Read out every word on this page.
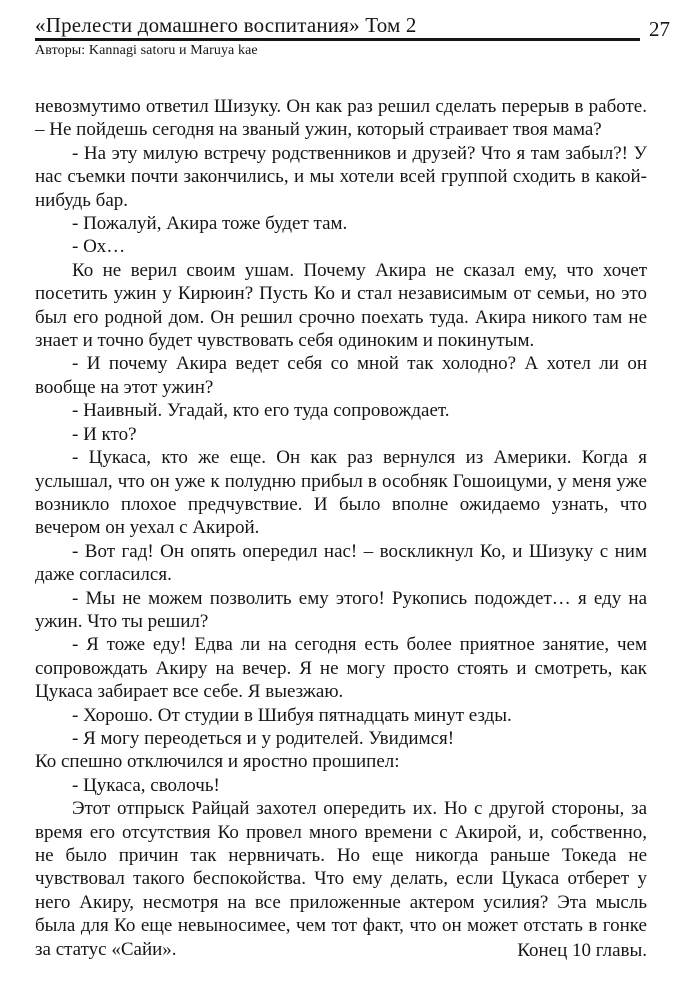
«Прелести домашнего воспитания» Том 2	27
Авторы: Kannagi satoru и Maruya kae

невозмутимо ответил Шизуку. Он как раз решил сделать перерыв в работе. – Не пойдешь сегодня на званый ужин, который страивает твоя мама?

- На эту милую встречу родственников и друзей? Что я там забыл?! У нас съемки почти закончились, и мы хотели всей группой сходить в какой-нибудь бар.

- Пожалуй, Акира тоже будет там.

- Ох…

Ко не верил своим ушам. Почему Акира не сказал ему, что хочет посетить ужин у Кирюин? Пусть Ко и стал независимым от семьи, но это был его родной дом. Он решил срочно поехать туда. Акира никого там не знает и точно будет чувствовать себя одиноким и покинутым.

- И почему Акира ведет себя со мной так холодно? А хотел ли он вообще на этот ужин?

- Наивный. Угадай, кто его туда сопровождает.

- И кто?

- Цукаса, кто же еще. Он как раз вернулся из Америки. Когда я услышал, что он уже к полудню прибыл в особняк Гошоицуми, у меня уже возникло плохое предчувствие. И было вполне ожидаемо узнать, что вечером он уехал с Акирой.

- Вот гад! Он опять опередил нас! – воскликнул Ко, и Шизуку с ним даже согласился.

- Мы не можем позволить ему этого! Рукопись подождет… я еду на ужин. Что ты решил?

- Я тоже еду! Едва ли на сегодня есть более приятное занятие, чем сопровождать Акиру на вечер. Я не могу просто стоять и смотреть, как Цукаса забирает все себе. Я выезжаю.

- Хорошо. От студии в Шибуя пятнадцать минут езды.

- Я могу переодеться и у родителей. Увидимся!

Ко спешно отключился и яростно прошипел:

- Цукаса, сволочь!

Этот отпрыск Райцай захотел опередить их. Но с другой стороны, за время его отсутствия Ко провел много времени с Акирой, и, собственно, не было причин так нервничать. Но еще никогда раньше Токеда не чувствовал такого беспокойства. Что ему делать, если Цукаса отберет у него Акиру, несмотря на все приложенные актером усилия? Эта мысль была для Ко еще невыносимее, чем тот факт, что он может отстать в гонке за статус «Сайи».	Конец 10 главы.
